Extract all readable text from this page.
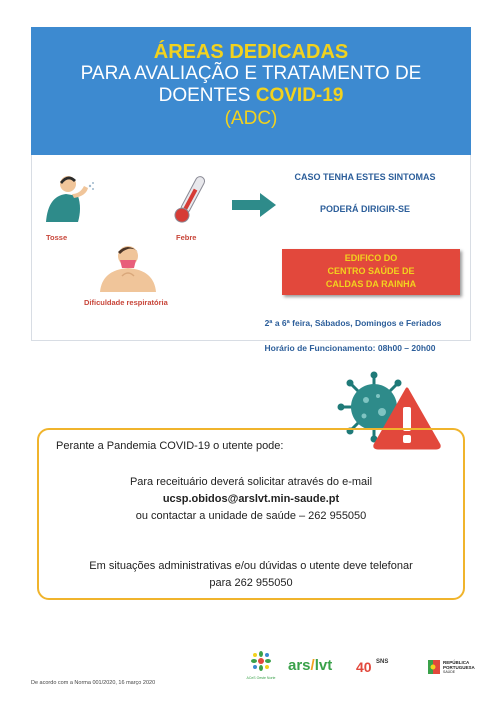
ÁREAS DEDICADAS
PARA AVALIAÇÃO E TRATAMENTO DE
DOENTES COVID-19
(ADC)
Tosse	Febre
Dificuldade respiratória
CASO TENHA ESTES SINTOMAS
PODERÁ DIRIGIR-SE
EDIFICO DO
CENTRO SAÚDE DE
CALDAS DA RAINHA
2ª a 6ª feira, Sábados, Domingos e Feriados
Horário de Funcionamento: 08h00 – 20h00
Perante a Pandemia COVID-19 o utente pode:
Para receituário deverá solicitar através do e-mail
ucsp.obidos@arslvt.min-saude.pt
ou contactar a unidade de saúde – 262 955050
Em situações administrativas e/ou dúvidas o utente deve telefonar
para 262 955050
De acordo com a Norma 001/2020, 16 março 2020
ACeS Oeste Norte
ars/lvt 40 $^{SNS}$	REPÚBLICA
PORTUGUESA
SAÚDE
